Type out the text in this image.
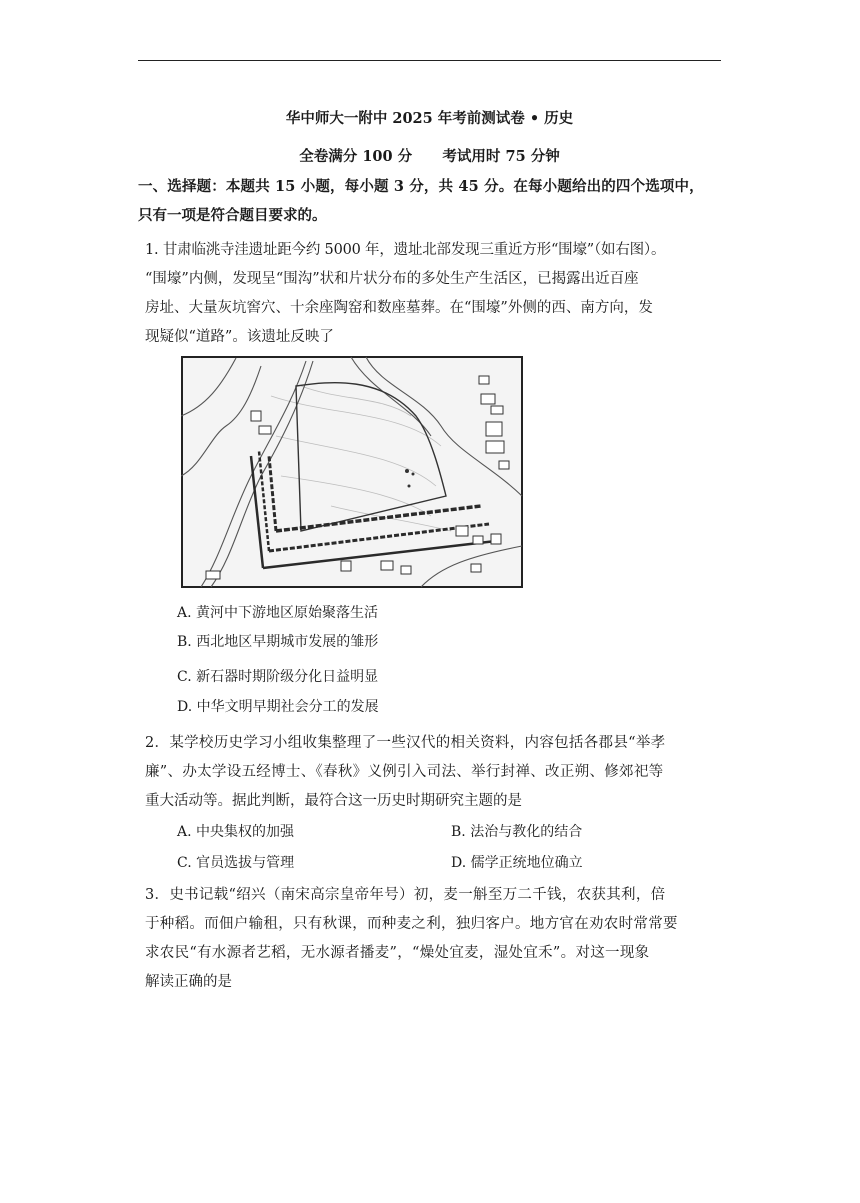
华中师大一附中 2025 年考前测试卷 • 历史
全卷满分 100 分      考试用时 75 分钟
一、选择题：本题共 15 小题，每小题 3 分，共 45 分。在每小题给出的四个选项中，
只有一项是符合题目要求的。
1. 甘肃临洮寺洼遗址距今约 5000 年，遗址北部发现三重近方形“围壕”（如右图）。
“围壕”内侧，发现呈“围沟”状和片状分布的多处生产生活区，已揭露出近百座
房址、大量灰坑窖穴、十余座陶窑和数座墓葬。在“围壕”外侧的西、南方向，发
现疑似“道路”。该遗址反映了
A. 黄河中下游地区原始聚落生活
B. 西北地区早期城市发展的雏形
C. 新石器时期阶级分化日益明显
D. 中华文明早期社会分工的发展
2．某学校历史学习小组收集整理了一些汉代的相关资料，内容包括各郡县“举孝
廉”、办太学设五经博士、《春秋》义例引入司法、举行封禅、改正朔、修郊祀等
重大活动等。据此判断，最符合这一历史时期研究主题的是
A. 中央集权的加强	B. 法治与教化的结合
C. 官员选拔与管理	D. 儒学正统地位确立
3．史书记载“绍兴（南宋高宗皇帝年号）初，麦一斛至万二千钱，农获其利，倍
于种稻。而佃户输租，只有秋课，而种麦之利，独归客户。地方官在劝农时常常要
求农民“有水源者艺稻，无水源者播麦”，“燥处宜麦，湿处宜禾”。对这一现象
解读正确的是
